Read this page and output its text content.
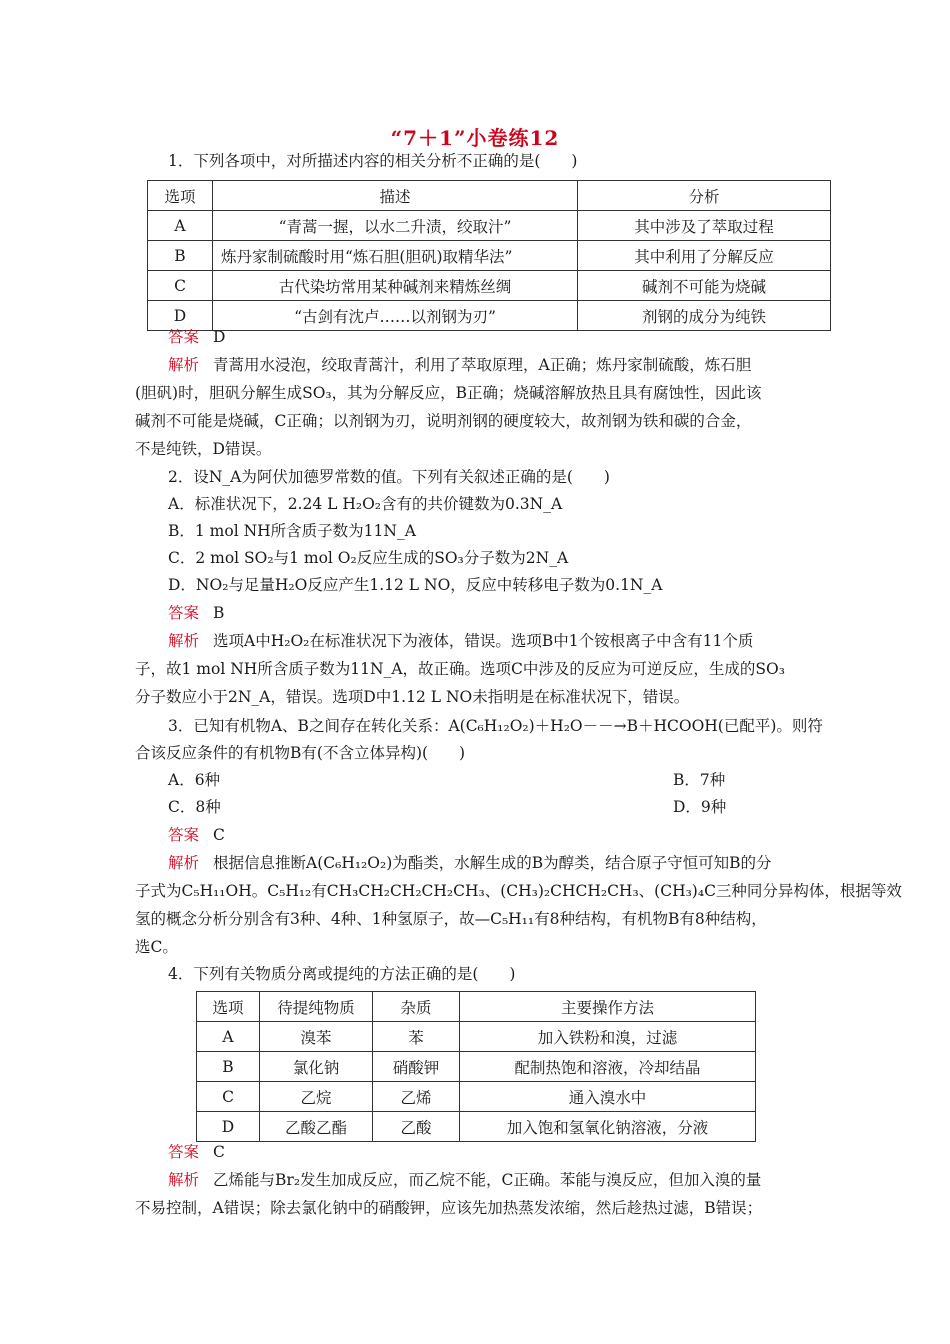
“7＋1”小卷练12
1．下列各项中，对所描述内容的相关分析不正确的是(　　)
选项	描述	分析
A	“青蒿一握，以水二升渍，绞取汁”	其中涉及了萃取过程
B	炼丹家制硫酸时用“炼石胆(胆矾)取精华法”	其中利用了分解反应
C	古代染坊常用某种碱剂来精炼丝绸	碱剂不可能为烧碱
D	“古剑有沈卢……以剂钢为刃”	剂钢的成分为纯铁
答案 D
解析 青蒿用水浸泡，绞取青蒿汁，利用了萃取原理，A正确；炼丹家制硫酸，炼石胆
(胆矾)时，胆矾分解生成SO₃，其为分解反应，B正确；烧碱溶解放热且具有腐蚀性，因此该
碱剂不可能是烧碱，C正确；以剂钢为刃，说明剂钢的硬度较大，故剂钢为铁和碳的合金，
不是纯铁，D错误。
2．设N_A为阿伏加德罗常数的值。下列有关叙述正确的是(　　)
A．标准状况下，2.24 L H₂O₂含有的共价键数为0.3N_A
B．1 mol NH所含质子数为11N_A
C．2 mol SO₂与1 mol O₂反应生成的SO₃分子数为2N_A
D．NO₂与足量H₂O反应产生1.12 L NO，反应中转移电子数为0.1N_A
答案 B
解析 选项A中H₂O₂在标准状况下为液体，错误。选项B中1个铵根离子中含有11个质
子，故1 mol NH所含质子数为11N_A，故正确。选项C中涉及的反应为可逆反应，生成的SO₃
分子数应小于2N_A，错误。选项D中1.12 L NO未指明是在标准状况下，错误。
3．已知有机物A、B之间存在转化关系：A(C₆H₁₂O₂)＋H₂O－－→B＋HCOOH(已配平)。则符
合该反应条件的有机物B有(不含立体异构)(　　)
A．6种	B．7种
C．8种	D．9种
答案 C
解析 根据信息推断A(C₆H₁₂O₂)为酯类，水解生成的B为醇类，结合原子守恒可知B的分
子式为C₅H₁₁OH。C₅H₁₂有CH₃CH₂CH₂CH₂CH₃、(CH₃)₂CHCH₂CH₃、(CH₃)₄C三种同分异构体，根据等效
氢的概念分析分别含有3种、4种、1种氢原子，故—C₅H₁₁有8种结构，有机物B有8种结构，
选C。
4．下列有关物质分离或提纯的方法正确的是(　　)
选项	待提纯物质	杂质	主要操作方法
A	溴苯	苯	加入铁粉和溴，过滤
B	氯化钠	硝酸钾	配制热饱和溶液，冷却结晶
C	乙烷	乙烯	通入溴水中
D	乙酸乙酯	乙酸	加入饱和氢氧化钠溶液，分液
答案 C
解析 乙烯能与Br₂发生加成反应，而乙烷不能，C正确。苯能与溴反应，但加入溴的量
不易控制，A错误；除去氯化钠中的硝酸钾，应该先加热蒸发浓缩，然后趁热过滤，B错误；
